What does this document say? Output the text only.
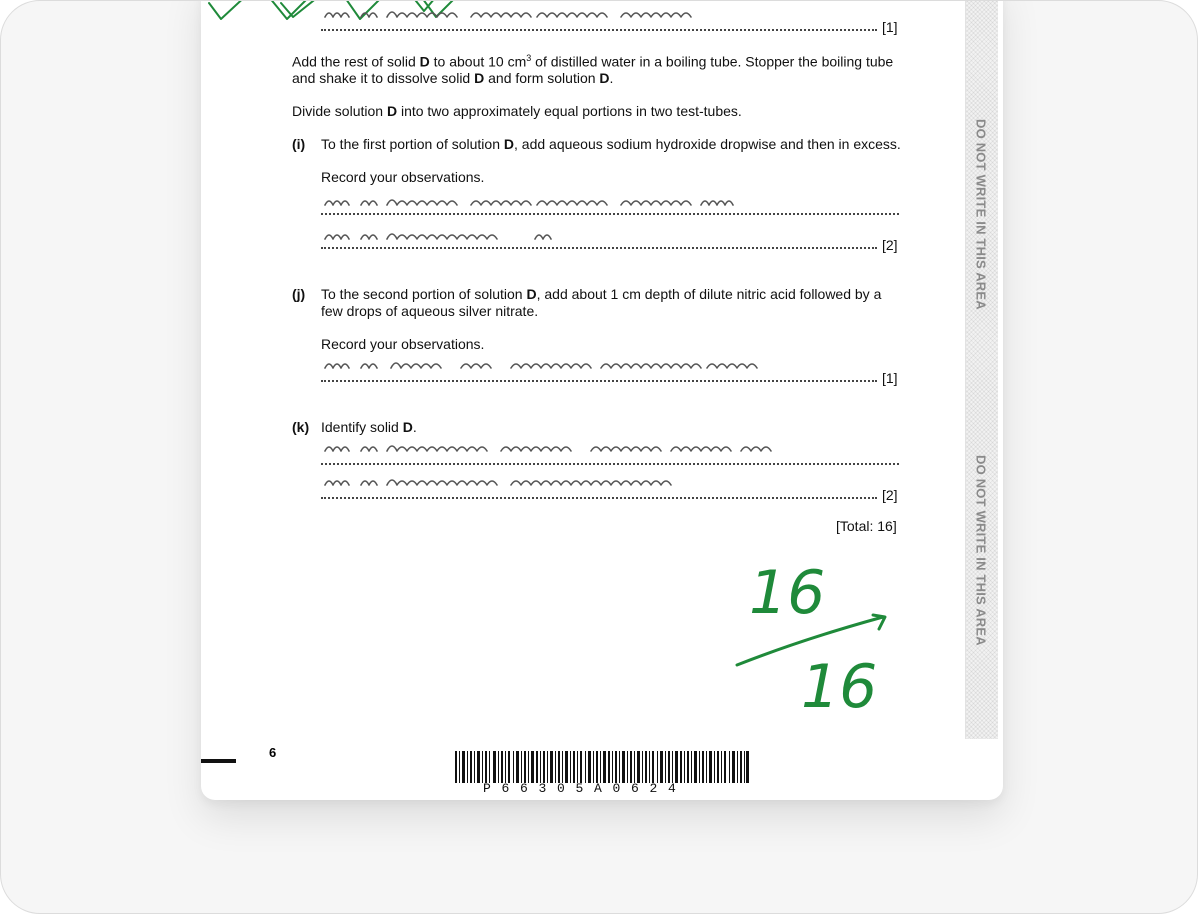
DO NOT WRITE IN THIS AREA
DO NOT WRITE IN THIS AREA
[1]
Add the rest of solid D to about 10 $cm^3$ of distilled water in a boiling tube. Stopper the boiling tube
and shake it to dissolve solid D and form solution D.
Divide solution D into two approximately equal portions in two test-tubes.
(i) To the first portion of solution D, add aqueous sodium hydroxide dropwise and then in excess.
Record your observations.
[2]
(j) To the second portion of solution D, add about 1 cm depth of dilute nitric acid followed by a
few drops of aqueous silver nitrate.
Record your observations.
[1]
(k) Identify solid D.
[2]
[Total: 16]

16
16
6
P66305A0624
